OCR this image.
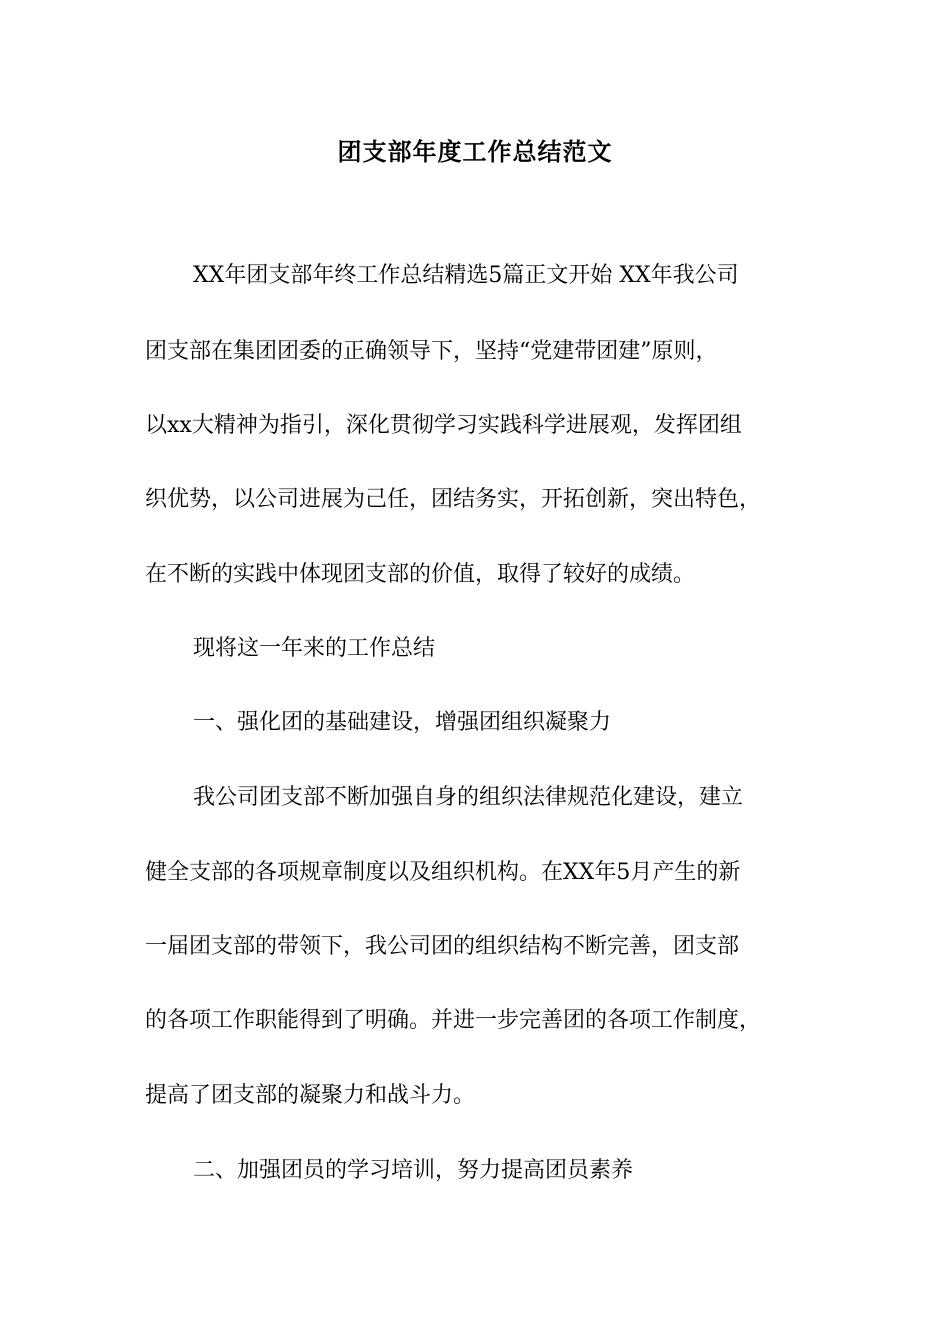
团支部年度工作总结范文
XX年团支部年终工作总结精选5篇正文开始 XX年我公司
团支部在集团团委的正确领导下，坚持“党建带团建”原则，
以xx大精神为指引，深化贯彻学习实践科学进展观，发挥团组
织优势，以公司进展为己任，团结务实，开拓创新，突出特色，
在不断的实践中体现团支部的价值，取得了较好的成绩。
现将这一年来的工作总结
一、强化团的基础建设，增强团组织凝聚力
我公司团支部不断加强自身的组织法律规范化建设，建立
健全支部的各项规章制度以及组织机构。在XX年5月产生的新
一届团支部的带领下，我公司团的组织结构不断完善，团支部
的各项工作职能得到了明确。并进一步完善团的各项工作制度，
提高了团支部的凝聚力和战斗力。
二、加强团员的学习培训，努力提高团员素养
